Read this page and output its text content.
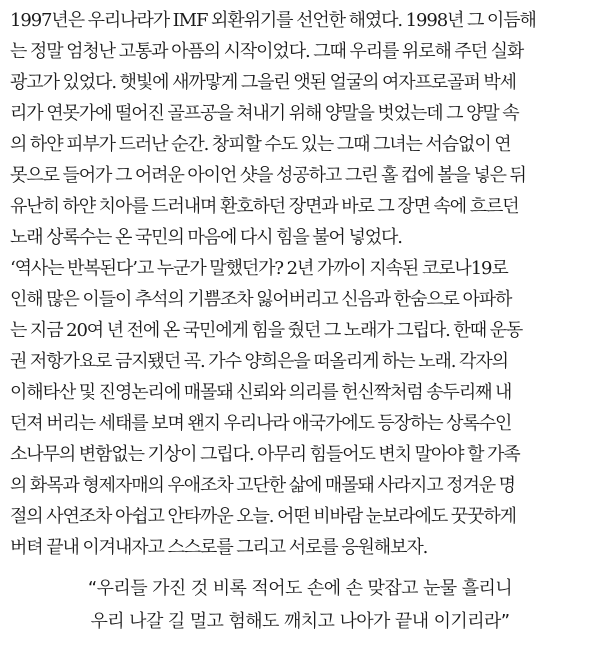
1997년은 우리나라가 IMF 외환위기를 선언한 해였다. 1998년 그 이듬해
는 정말 엄청난 고통과 아픔의 시작이었다. 그때 우리를 위로해 주던 실화
광고가 있었다. 햇빛에 새까맣게 그을린 앳된 얼굴의 여자프로골퍼 박세
리가 연못가에 떨어진 골프공을 쳐내기 위해 양말을 벗었는데 그 양말 속
의 하얀 피부가 드러난 순간. 창피할 수도 있는 그때 그녀는 서슴없이 연
못으로 들어가 그 어려운 아이언 샷을 성공하고 그린 홀 컵에 볼을 넣은 뒤
유난히 하얀 치아를 드러내며 환호하던 장면과 바로 그 장면 속에 흐르던
노래 상록수는 온 국민의 마음에 다시 힘을 불어 넣었다.

‘역사는 반복된다’고 누군가 말했던가? 2년 가까이 지속된 코로나19로
인해 많은 이들이 추석의 기쁨조차 잃어버리고 신음과 한숨으로 아파하
는 지금 20여 년 전에 온 국민에게 힘을 줬던 그 노래가 그립다. 한때 운동
권 저항가요로 금지됐던 곡. 가수 양희은을 떠올리게 하는 노래. 각자의
이해타산 및 진영논리에 매몰돼 신뢰와 의리를 헌신짝처럼 송두리째 내
던져 버리는 세태를 보며 왠지 우리나라 애국가에도 등장하는 상록수인
소나무의 변함없는 기상이 그립다. 아무리 힘들어도 변치 말아야 할 가족
의 화목과 형제자매의 우애조차 고단한 삶에 매몰돼 사라지고 정겨운 명
절의 사연조차 아쉽고 안타까운 오늘. 어떤 비바람 눈보라에도 꿋꿋하게
버텨 끝내 이겨내자고 스스로를 그리고 서로를 응원해보자.

“우리들 가진 것 비록 적어도 손에 손 맞잡고 눈물 흘리니
우리 나갈 길 멀고 험해도 깨치고 나아가 끝내 이기리라”
